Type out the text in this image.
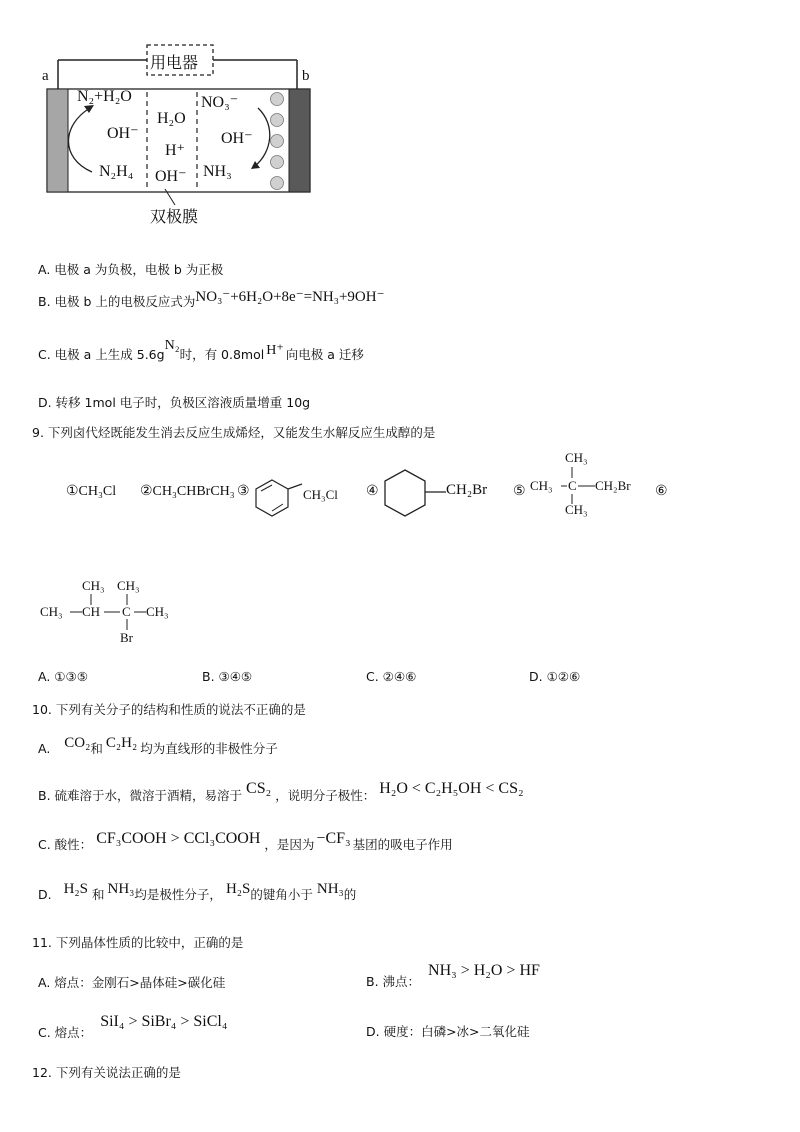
a	b
用电器
N₂+H₂O
OH⁻
N₂H₄
H₂O
H⁺
OH⁻
NO₃⁻
OH⁻
NH₃
双极膜
A. 电极 a 为负极，电极 b 为正极
B. 电极 b 上的电极反应式为NO₃⁻+6H₂O+8e⁻=NH₃+9OH⁻
C. 电极 a 上生成 5.6gN₂时，有 0.8mol H⁺ 向电极 a 迁移
D. 转移 1mol 电子时，负极区溶液质量增重 10g
9. 下列卤代烃既能发生消去反应生成烯烃，又能发生水解反应生成醇的是
①CH₃Cl ②CH₃CHBrCH₃ ③	CH₃Cl ④	CH₂Br ⑤ CH₃ C CH₂Br
CH₃
CH₃
⑥
CH₃ CH₃
CH₃ CH C CH₃
Br
A. ①③⑤	B. ③④⑤	C. ②④⑥	D. ①②⑥
10. 下列有关分子的结构和性质的说法不正确的是
A. CO₂和 C₂H₂ 均为直线形的非极性分子
B. 硫难溶于水，微溶于酒精，易溶于 CS₂ ，说明分子极性： H₂O < C₂H₅OH < CS₂
C. 酸性： CF₃COOH > CCl₃COOH ，是因为 −CF₃ 基团的吸电子作用
D. H₂S 和 NH₃均是极性分子， H₂S的键角小于 NH₃的
11. 下列晶体性质的比较中，正确的是
A. 熔点：金刚石>晶体硅>碳化硅	B. 沸点：NH₃ > H₂O > HF
C. 熔点：SiI₄ > SiBr₄ > SiCl₄
D. 硬度：白磷>冰>二氧化硅
12. 下列有关说法正确的是
